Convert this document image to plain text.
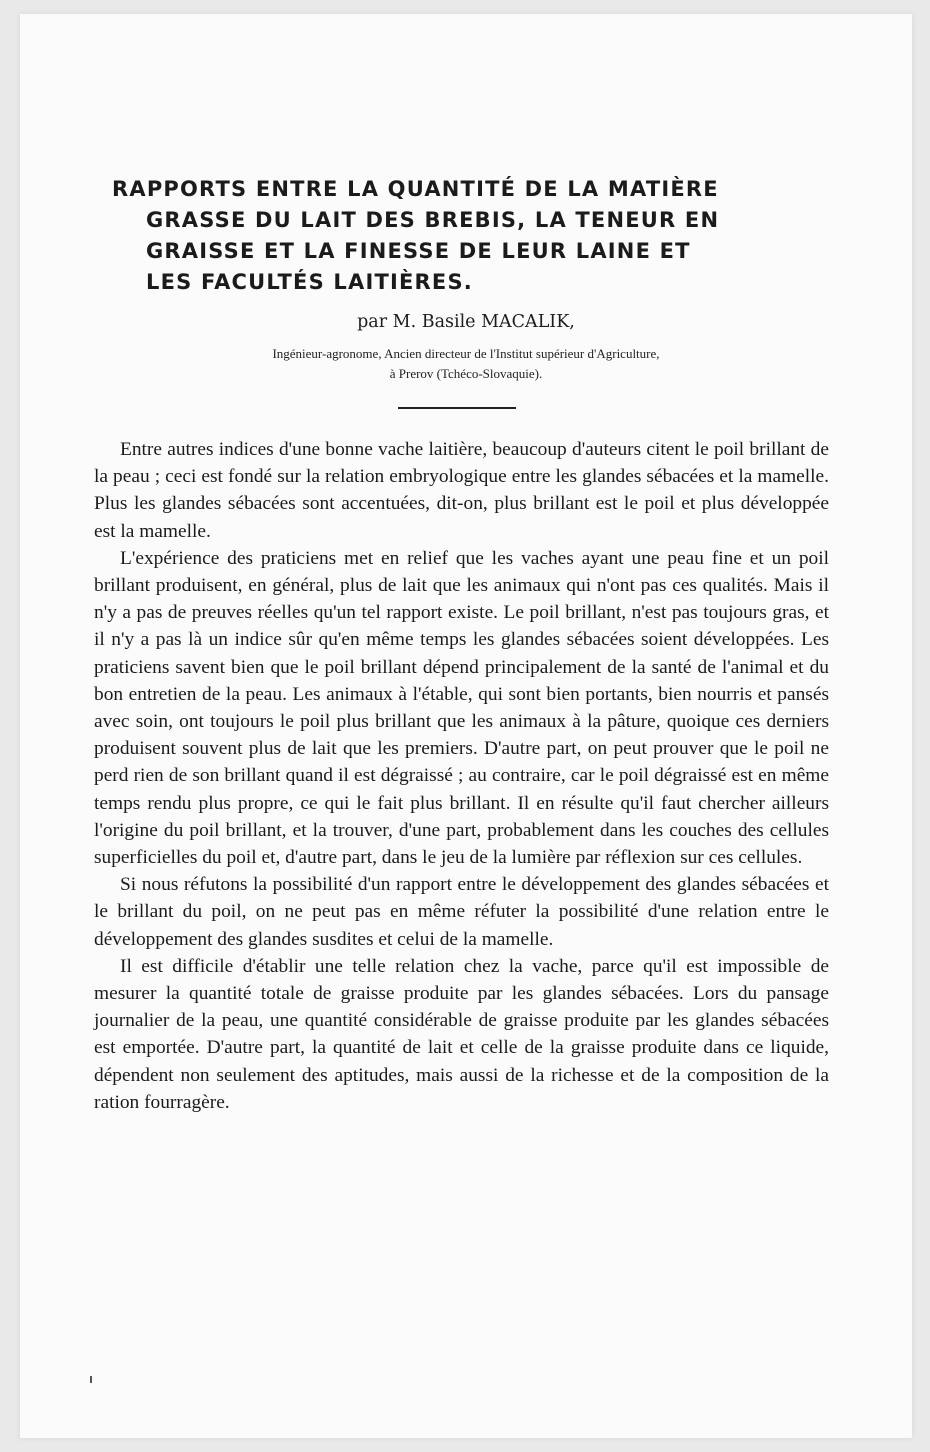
RAPPORTS ENTRE LA QUANTITÉ DE LA MATIÈRE
GRASSE DU LAIT DES BREBIS, LA TENEUR EN
GRAISSE ET LA FINESSE DE LEUR LAINE ET
LES FACULTÉS LAITIÈRES.
par M. Basile MACALIK,
Ingénieur-agronome, Ancien directeur de l'Institut supérieur d'Agriculture,
à Prerov (Tchéco-Slovaquie).

Entre autres indices d'une bonne vache laitière, beaucoup d'auteurs citent le poil brillant de la peau ; ceci est fondé sur la relation embryologique entre les glandes sébacées et la mamelle. Plus les glandes sébacées sont accentuées, dit-on, plus brillant est le poil et plus développée est la mamelle.

L'expérience des praticiens met en relief que les vaches ayant une peau fine et un poil brillant produisent, en général, plus de lait que les animaux qui n'ont pas ces qualités. Mais il n'y a pas de preuves réelles qu'un tel rapport existe. Le poil brillant, n'est pas toujours gras, et il n'y a pas là un indice sûr qu'en même temps les glandes sébacées soient développées. Les praticiens savent bien que le poil brillant dépend principalement de la santé de l'animal et du bon entretien de la peau. Les animaux à l'étable, qui sont bien portants, bien nourris et pansés avec soin, ont toujours le poil plus brillant que les animaux à la pâture, quoique ces derniers produisent souvent plus de lait que les premiers. D'autre part, on peut prouver que le poil ne perd rien de son brillant quand il est dégraissé ; au contraire, car le poil dégraissé est en même temps rendu plus propre, ce qui le fait plus brillant. Il en résulte qu'il faut chercher ailleurs l'origine du poil brillant, et la trouver, d'une part, probablement dans les couches des cellules superficielles du poil et, d'autre part, dans le jeu de la lumière par réflexion sur ces cellules.

Si nous réfutons la possibilité d'un rapport entre le développement des glandes sébacées et le brillant du poil, on ne peut pas en même réfuter la possibilité d'une relation entre le développement des glandes susdites et celui de la mamelle.

Il est difficile d'établir une telle relation chez la vache, parce qu'il est impossible de mesurer la quantité totale de graisse produite par les glandes sébacées. Lors du pansage journalier de la peau, une quantité considérable de graisse produite par les glandes sébacées est emportée. D'autre part, la quantité de lait et celle de la graisse produite dans ce liquide, dépendent non seulement des aptitudes, mais aussi de la richesse et de la composition de la ration fourragère.
